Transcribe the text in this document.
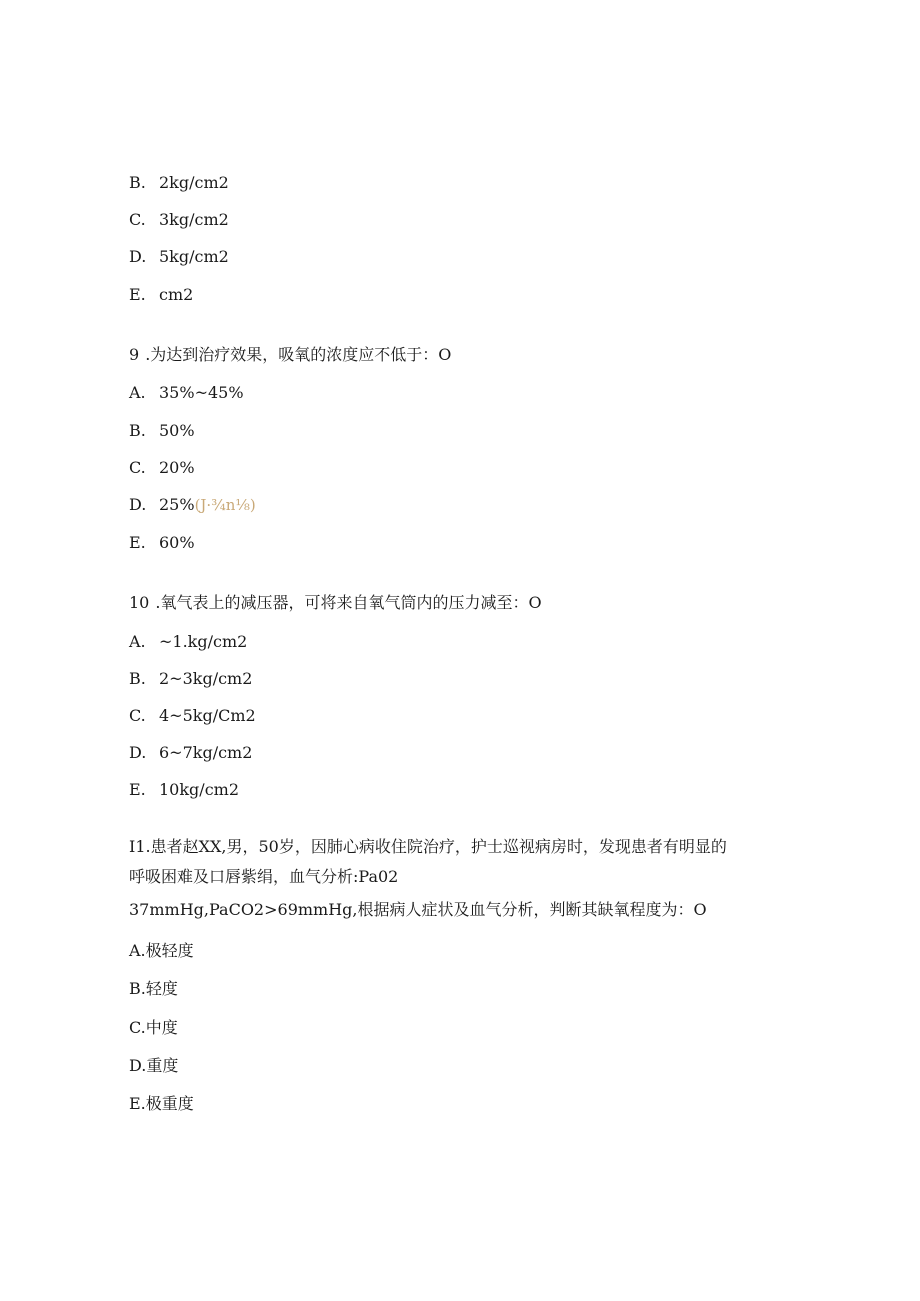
B. 2kg∕cm2
C. 3kg∕cm2
D. 5kg∕cm2
E. cm2
9 .为达到治疗效果，吸氧的浓度应不低于：O
A. 35%~45%
B. 50%
C. 20%
D. 25%(J·¾n⅛)
E. 60%
10 .氧气表上的减压器，可将来自氧气筒内的压力减至：O
A. ~1.kg∕cm2
B. 2~3kg∕cm2
C. 4~5kg∕Cm2
D. 6~7kg∕cm2
E. 10kg∕cm2
I1.患者赵XX,男，50岁，因肺心病收住院治疗，护士巡视病房时，发现患者有明显的
呼吸困难及口唇紫绢，血气分析:Pa02
37mmHg,PaCO2>69mmHg,根据病人症状及血气分析，判断其缺氧程度为：O
A.极轻度
B.轻度
C.中度
D.重度
E.极重度
